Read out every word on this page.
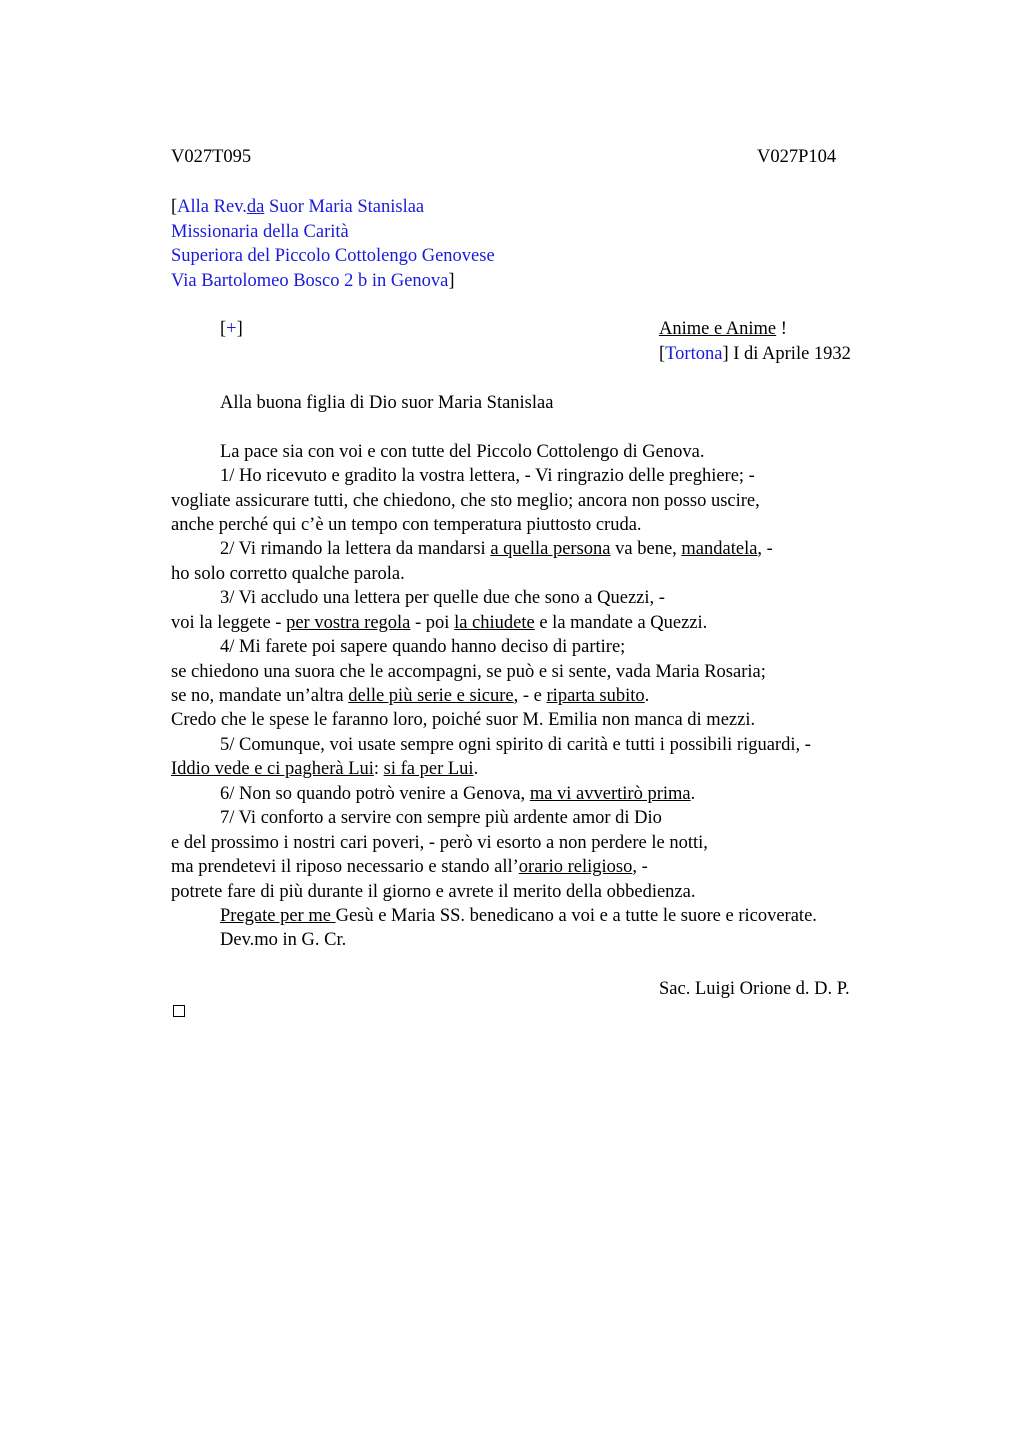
V027T095	V027P104
[Alla Rev.da Suor Maria Stanislaa
Missionaria della Carità
Superiora del Piccolo Cottolengo Genovese
Via Bartolomeo Bosco 2 b in Genova]
[+]	Anime e Anime !
[Tortona] I di Aprile 1932
Alla buona figlia di Dio suor Maria Stanislaa
La pace sia con voi e con tutte del Piccolo Cottolengo di Genova.
1/ Ho ricevuto e gradito la vostra lettera, - Vi ringrazio delle preghiere; -
vogliate assicurare tutti, che chiedono, che sto meglio; ancora non posso uscire,
anche perché qui c’è un tempo con temperatura piuttosto cruda.
2/ Vi rimando la lettera da mandarsi a quella persona va bene, mandatela, -
ho solo corretto qualche parola.
3/ Vi accludo una lettera per quelle due che sono a Quezzi, -
voi la leggete - per vostra regola - poi la chiudete e la mandate a Quezzi.
4/ Mi farete poi sapere quando hanno deciso di partire;
se chiedono una suora che le accompagni, se può e si sente, vada Maria Rosaria;
se no, mandate un’altra delle più serie e sicure, - e riparta subito.
Credo che le spese le faranno loro, poiché suor M. Emilia non manca di mezzi.
5/ Comunque, voi usate sempre ogni spirito di carità e tutti i possibili riguardi, -
Iddio vede e ci pagherà Lui: si fa per Lui.
6/ Non so quando potrò venire a Genova, ma vi avvertirò prima.
7/ Vi conforto a servire con sempre più ardente amor di Dio
e del prossimo i nostri cari poveri, - però vi esorto a non perdere le notti,
ma prendetevi il riposo necessario e stando all’orario religioso, -
potrete fare di più durante il giorno e avrete il merito della obbedienza.
Pregate per me Gesù e Maria SS. benedicano a voi e a tutte le suore e ricoverate.
Dev.mo in G. Cr.
Sac. Luigi Orione d. D. P.
